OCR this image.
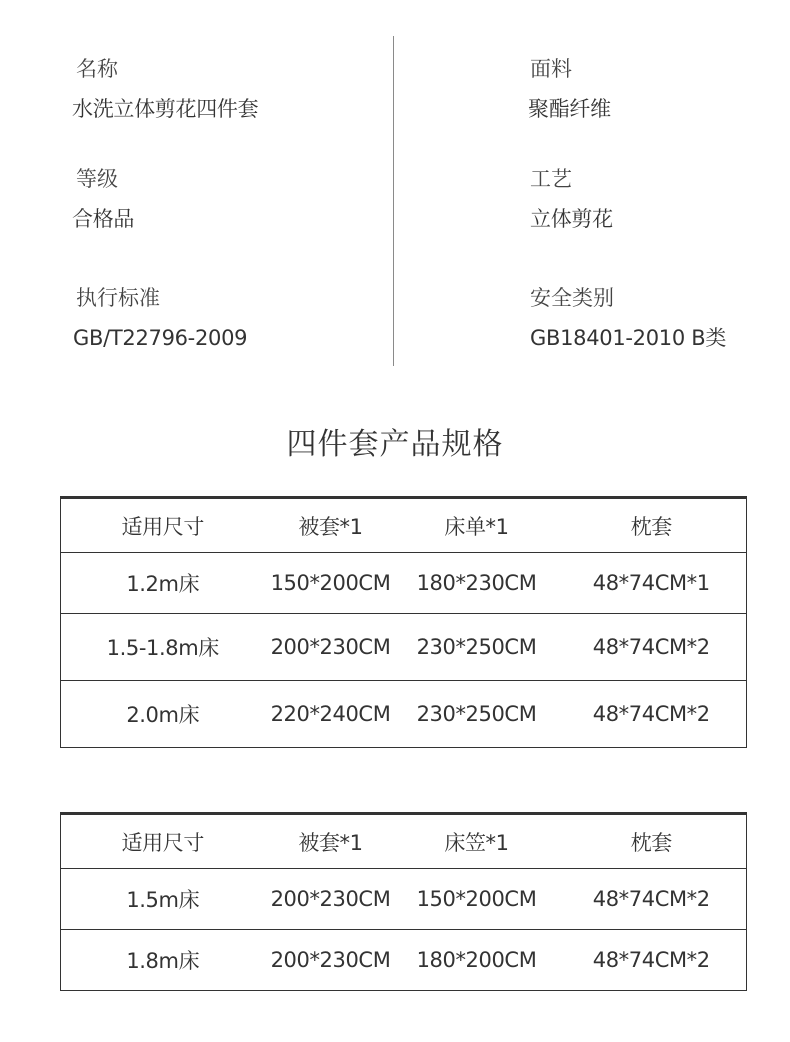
名称
水洗立体剪花四件套
面料
聚酯纤维
等级
合格品
工艺
立体剪花
执行标准
GB/T22796-2009
安全类别
GB18401-2010 B类
四件套产品规格
适用尺寸	被套*1	床单*1	枕套
1.2m床	150*200CM	180*230CM	48*74CM*1
1.5-1.8m床	200*230CM	230*250CM	48*74CM*2
2.0m床	220*240CM	230*250CM	48*74CM*2
适用尺寸	被套*1	床笠*1	枕套
1.5m床	200*230CM	150*200CM	48*74CM*2
1.8m床	200*230CM	180*200CM	48*74CM*2
